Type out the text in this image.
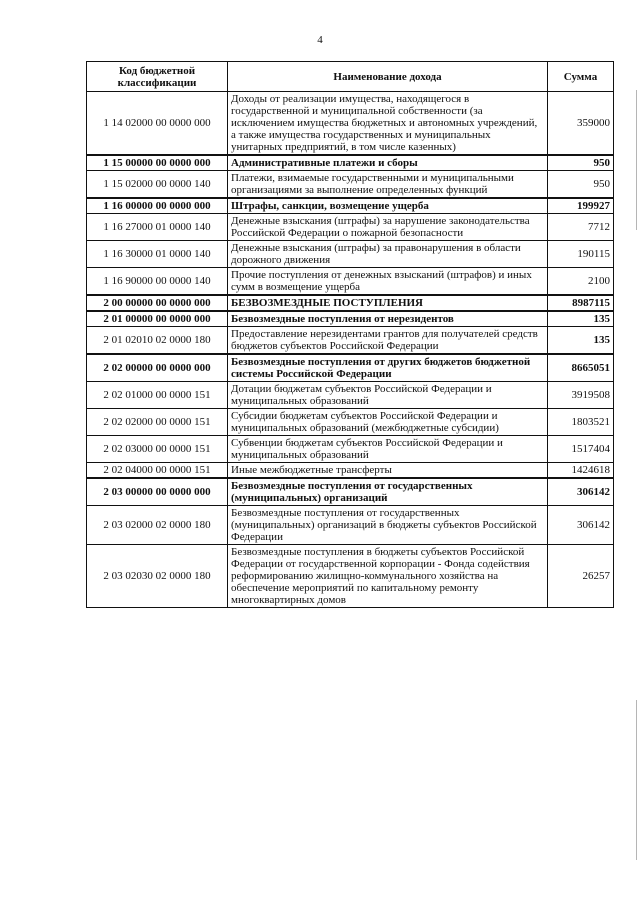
4
Код бюджетной классификации	Наименование дохода	Сумма
1 14 02000 00 0000 000	Доходы от реализации имущества, находящегося в государственной и муниципальной собственности (за исключением имущества бюджетных и автономных учреждений, а также имущества государственных и муниципальных унитарных предприятий, в том числе казенных)	359000
1 15 00000 00 0000 000	Административные платежи и сборы	950
1 15 02000 00 0000 140	Платежи, взимаемые государственными и муниципальными организациями за выполнение определенных функций	950
1 16 00000 00 0000 000	Штрафы, санкции, возмещение ущерба	199927
1 16 27000 01 0000 140	Денежные взыскания (штрафы) за нарушение законодательства Российской Федерации о пожарной безопасности	7712
1 16 30000 01 0000 140	Денежные взыскания (штрафы) за правонарушения в области дорожного движения	190115
1 16 90000 00 0000 140	Прочие поступления от денежных взысканий (штрафов) и иных сумм в возмещение ущерба	2100
2 00 00000 00 0000 000	БЕЗВОЗМЕЗДНЫЕ ПОСТУПЛЕНИЯ	8987115
2 01 00000 00 0000 000	Безвозмездные поступления от нерезидентов	135
2 01 02010 02 0000 180	Предоставление нерезидентами грантов для получателей средств бюджетов субъектов Российской Федерации	135
2 02 00000 00 0000 000	Безвозмездные поступления от других бюджетов бюджетной системы Российской Федерации	8665051
2 02 01000 00 0000 151	Дотации бюджетам субъектов Российской Федерации и муниципальных образований	3919508
2 02 02000 00 0000 151	Субсидии бюджетам субъектов Российской Федерации и муниципальных образований (межбюджетные субсидии)	1803521
2 02 03000 00 0000 151	Субвенции бюджетам субъектов Российской Федерации и муниципальных образований	1517404
2 02 04000 00 0000 151	Иные межбюджетные трансферты	1424618
2 03 00000 00 0000 000	Безвозмездные поступления от государственных (муниципальных) организаций	306142
2 03 02000 02 0000 180	Безвозмездные поступления от государственных (муниципальных) организаций в бюджеты субъектов Российской Федерации	306142
2 03 02030 02 0000 180	Безвозмездные поступления в бюджеты субъектов Российской Федерации от государственной корпорации - Фонда содействия реформированию жилищно-коммунального хозяйства на обеспечение мероприятий по капитальному ремонту многоквартирных домов	26257
